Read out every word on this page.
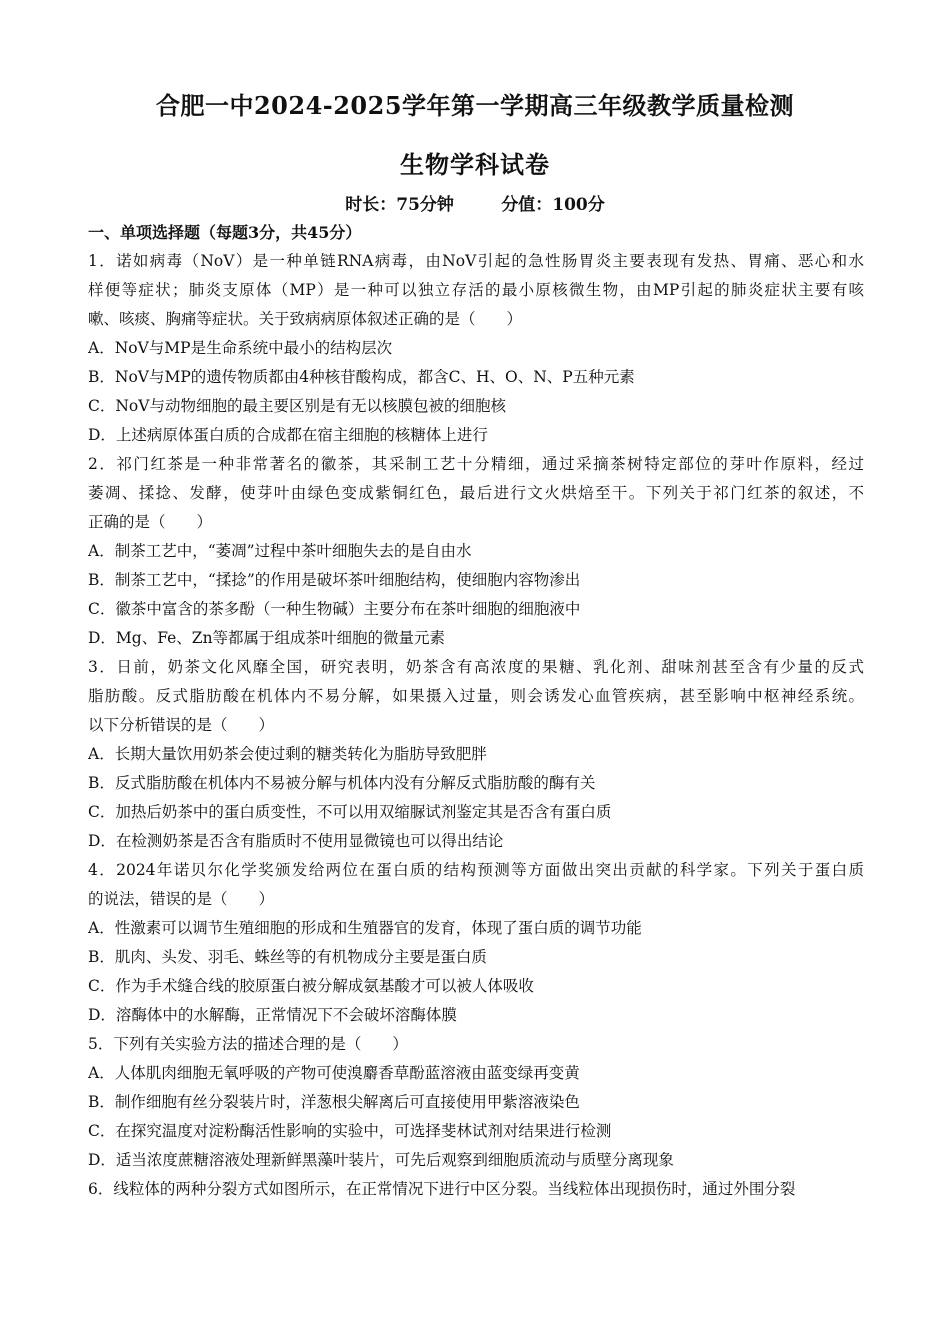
合肥一中2024-2025学年第一学期高三年级教学质量检测
生物学科试卷
时长：75分钟	分值：100分
一、单项选择题（每题3分，共45分）
1．诺如病毒（NoV）是一种单链RNA病毒，由NoV引起的急性肠胃炎主要表现有发热、胃痛、恶心和水
样便等症状；肺炎支原体（MP）是一种可以独立存活的最小原核微生物，由MP引起的肺炎症状主要有咳
嗽、咳痰、胸痛等症状。关于致病病原体叙述正确的是（　　）
A．NoV与MP是生命系统中最小的结构层次
B．NoV与MP的遗传物质都由4种核苷酸构成，都含C、H、O、N、P五种元素
C．NoV与动物细胞的最主要区别是有无以核膜包被的细胞核
D．上述病原体蛋白质的合成都在宿主细胞的核糖体上进行
2．祁门红茶是一种非常著名的徽茶，其采制工艺十分精细，通过采摘茶树特定部位的芽叶作原料，经过
萎凋、揉捻、发酵，使芽叶由绿色变成紫铜红色，最后进行文火烘焙至干。下列关于祁门红茶的叙述，不
正确的是（　　）
A．制茶工艺中，“萎凋”过程中茶叶细胞失去的是自由水
B．制茶工艺中，“揉捻”的作用是破坏茶叶细胞结构，使细胞内容物渗出
C．徽茶中富含的茶多酚（一种生物碱）主要分布在茶叶细胞的细胞液中
D．Mg、Fe、Zn等都属于组成茶叶细胞的微量元素
3．日前，奶茶文化风靡全国，研究表明，奶茶含有高浓度的果糖、乳化剂、甜味剂甚至含有少量的反式
脂肪酸。反式脂肪酸在机体内不易分解，如果摄入过量，则会诱发心血管疾病，甚至影响中枢神经系统。
以下分析错误的是（　　）
A．长期大量饮用奶茶会使过剩的糖类转化为脂肪导致肥胖
B．反式脂肪酸在机体内不易被分解与机体内没有分解反式脂肪酸的酶有关
C．加热后奶茶中的蛋白质变性，不可以用双缩脲试剂鉴定其是否含有蛋白质
D．在检测奶茶是否含有脂质时不使用显微镜也可以得出结论
4．2024年诺贝尔化学奖颁发给两位在蛋白质的结构预测等方面做出突出贡献的科学家。下列关于蛋白质
的说法，错误的是（　　）
A．性激素可以调节生殖细胞的形成和生殖器官的发育，体现了蛋白质的调节功能
B．肌肉、头发、羽毛、蛛丝等的有机物成分主要是蛋白质
C．作为手术缝合线的胶原蛋白被分解成氨基酸才可以被人体吸收
D．溶酶体中的水解酶，正常情况下不会破坏溶酶体膜
5．下列有关实验方法的描述合理的是（　　）
A．人体肌肉细胞无氧呼吸的产物可使溴麝香草酚蓝溶液由蓝变绿再变黄
B．制作细胞有丝分裂装片时，洋葱根尖解离后可直接使用甲紫溶液染色
C．在探究温度对淀粉酶活性影响的实验中，可选择斐林试剂对结果进行检测
D．适当浓度蔗糖溶液处理新鲜黑藻叶装片，可先后观察到细胞质流动与质壁分离现象
6．线粒体的两种分裂方式如图所示，在正常情况下进行中区分裂。当线粒体出现损伤时，通过外围分裂
